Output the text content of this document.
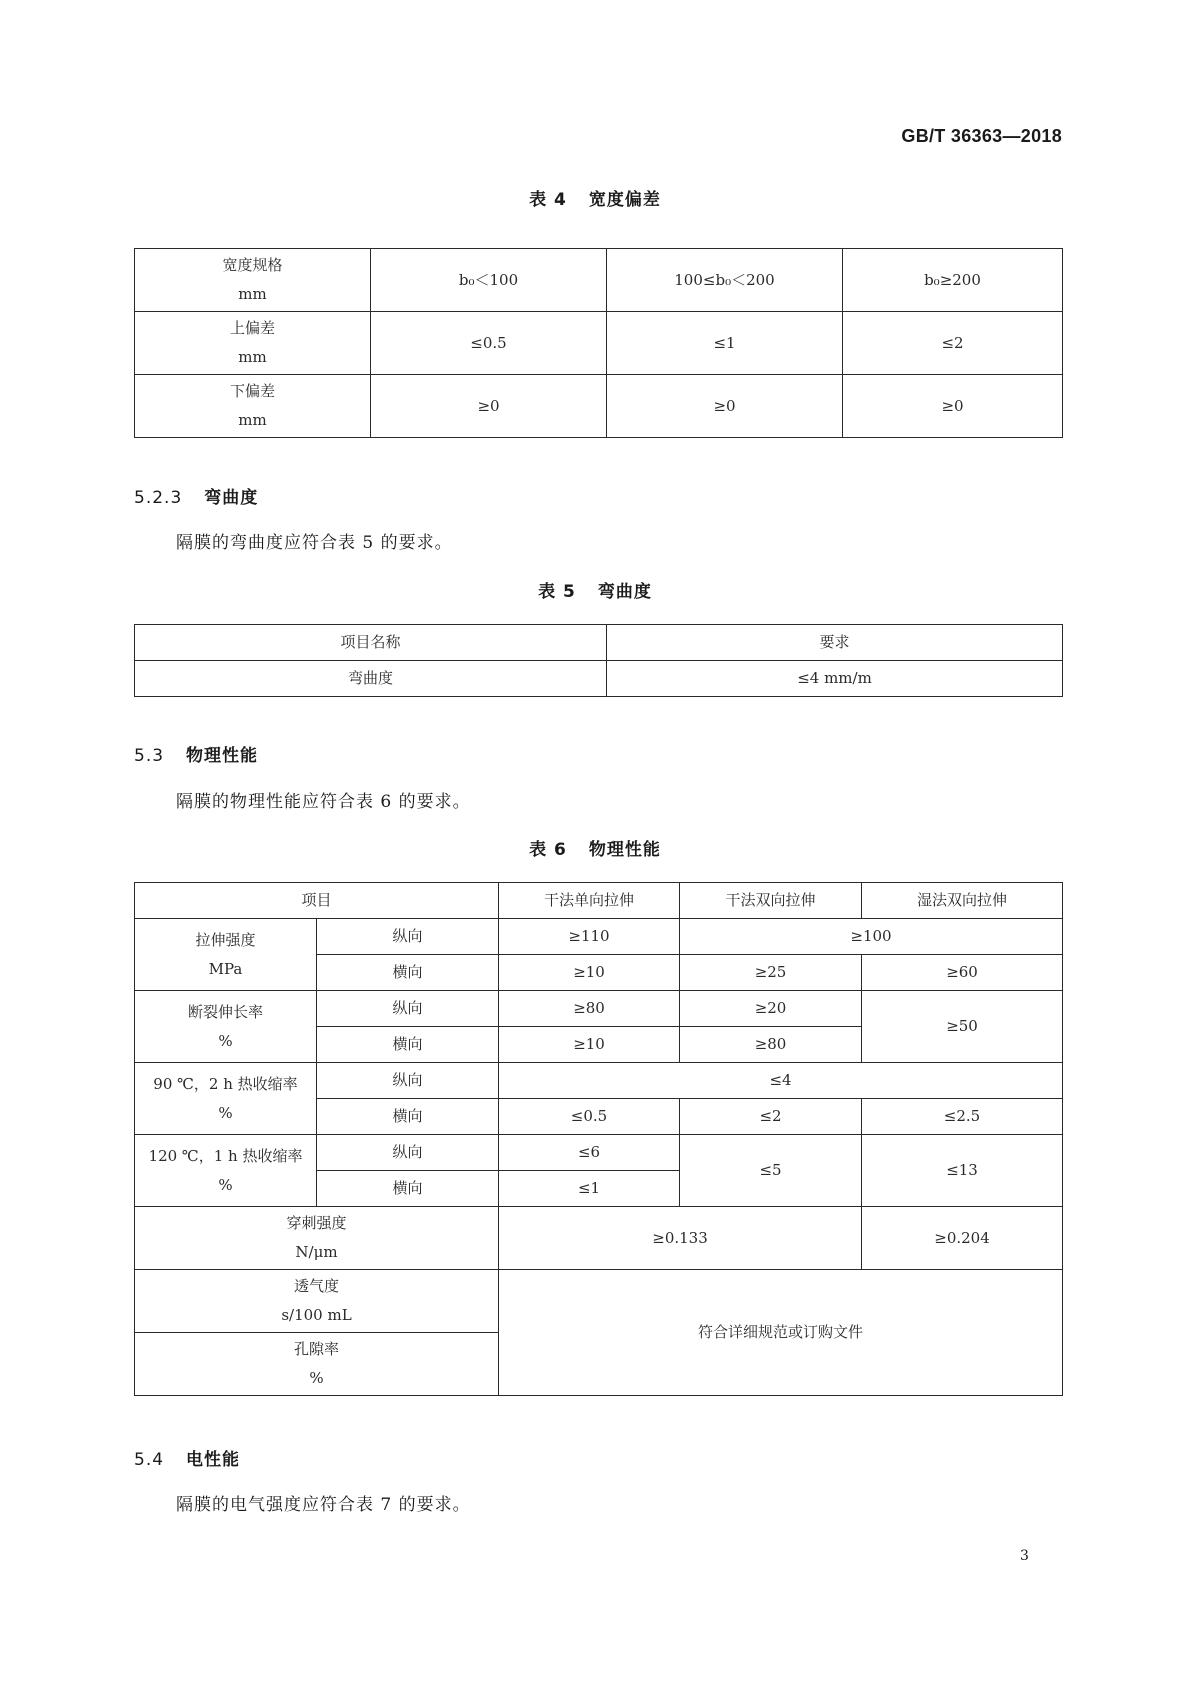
GB/T 36363—2018
表 4 宽度偏差
宽度规格
mm	b₀＜100	100≤b₀＜200	b₀≥200

上偏差
mm	≤0.5	≤1	≤2

下偏差
mm	≥0	≥0	≥0
5.2.3 弯曲度
隔膜的弯曲度应符合表 5 的要求。
表 5 弯曲度
项目名称	要求
弯曲度	≤4 mm/m
5.3 物理性能
隔膜的物理性能应符合表 6 的要求。
表 6 物理性能
项目		干法单向拉伸	干法双向拉伸	湿法双向拉伸

拉伸强度
MPa	纵向	≥110	≥100	
	横向	≥10	≥25	≥60

断裂伸长率
%	纵向	≥80	≥20	≥50
	横向	≥10	≥80	

90 ℃，2 h 热收缩率
%	纵向	≤4		
	横向	≤0.5	≤2	≤2.5

120 ℃，1 h 热收缩率
%	纵向	≤6	≤5	≤13
	横向	≤1		

穿刺强度
N/μm		≥0.133		≥0.204

透气度
s/100 mL		符合详细规范或订购文件		

孔隙率
%				
5.4 电性能
隔膜的电气强度应符合表 7 的要求。
3
